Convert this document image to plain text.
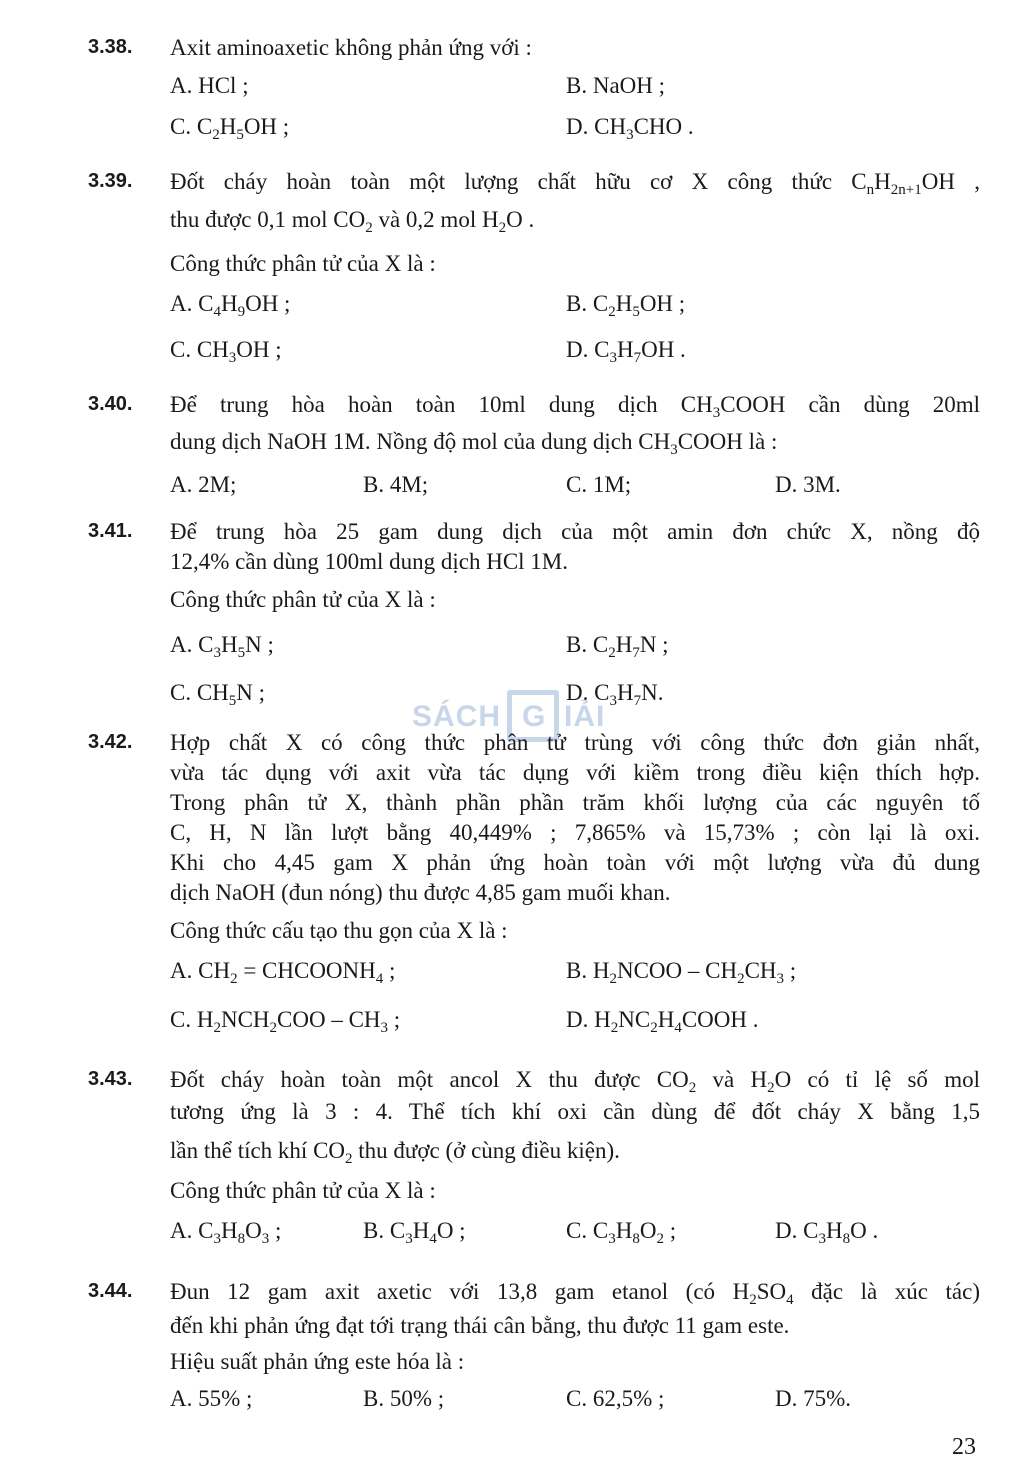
3.38. Axit aminoaxetic không phản ứng với :
A. HCl ;	B. NaOH ;
C. $C_2H_5OH$ ;	D. $CH_3CHO$ .
3.39. Đốt cháy hoàn toàn một lượng chất hữu cơ X công thức $C_nH_{2n+1}OH$ ,
thu được 0,1 mol $CO_2$ và 0,2 mol $H_2O$ .
Công thức phân tử của X là :
A. $C_4H_9OH$ ;	B. $C_2H_5OH$ ;
C. $CH_3OH$ ;	D. $C_3H_7OH$ .
3.40. Để trung hòa hoàn toàn 10ml dung dịch $CH_3COOH$ cần dùng 20ml
dung dịch NaOH 1M. Nồng độ mol của dung dịch $CH_3COOH$ là :
A. 2M;	B. 4M;	C. 1M;	D. 3M.
3.41. Để trung hòa 25 gam dung dịch của một amin đơn chức X, nồng độ
12,4% cần dùng 100ml dung dịch HCl 1M.
Công thức phân tử của X là :
A. $C_3H_5N$ ;	B. $C_2H_7N$ ;
C. $CH_5N$ ;	D. $C_3H_7N$.
SÁCH G IẢI
3.42. Hợp chất X có công thức phân tử trùng với công thức đơn giản nhất,
vừa tác dụng với axit vừa tác dụng với kiềm trong điều kiện thích hợp.
Trong phân tử X, thành phần phần trăm khối lượng của các nguyên tố
C, H, N lần lượt bằng 40,449% ; 7,865% và 15,73% ; còn lại là oxi.
Khi cho 4,45 gam X phản ứng hoàn toàn với một lượng vừa đủ dung
dịch NaOH (đun nóng) thu được 4,85 gam muối khan.
Công thức cấu tạo thu gọn của X là :
A. $CH_2$ = $CHCOONH_4$ ;	B. $H_2NCOO - CH_2CH_3$ ;
C. $H_2NCH_2COO - CH_3$ ;	D. $H_2NC_2H_4COOH$ .
3.43. Đốt cháy hoàn toàn một ancol X thu được $CO_2$ và $H_2O$ có tỉ lệ số mol
tương ứng là 3 : 4. Thể tích khí oxi cần dùng để đốt cháy X bằng 1,5
lần thể tích khí $CO_2$ thu được (ở cùng điều kiện).
Công thức phân tử của X là :
A. $C_3H_8O_3$ ;	B. $C_3H_4O$ ;	C. $C_3H_8O_2$ ;	D. $C_3H_8O$ .
3.44. Đun 12 gam axit axetic với 13,8 gam etanol (có $H_2SO_4$ đặc là xúc tác)
đến khi phản ứng đạt tới trạng thái cân bằng, thu được 11 gam este.
Hiệu suất phản ứng este hóa là :
A. 55% ;	B. 50% ;	C. 62,5% ;	D. 75%.
23
